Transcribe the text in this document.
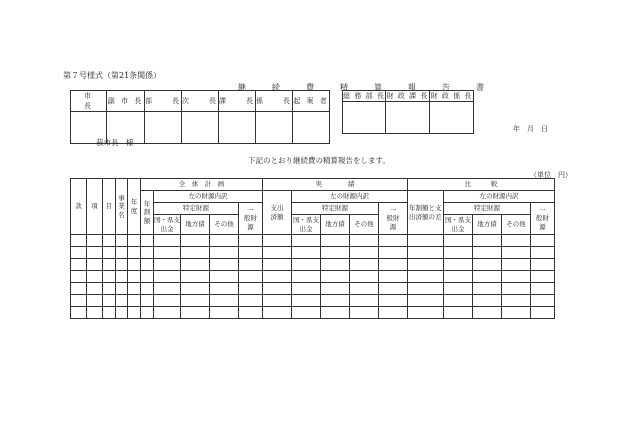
第７号様式（第21条関係）
継　続　費　精　算　報　告　書
市　　長	副 市 長	部　　長	次　　長	課　　長	係　　長	起 案 者

総 務 部 長	財 政 課 長	財 政 係 長

年　月　日
萩市長　様
下記のとおり継続費の精算報告をします。
（単位　円）
款	項	目	事業名	年度	全　体　計　画					実　　　　績					比　　　較				

					年割額	左の財源内訳				支出済額	左の財源内訳				年割額と支出済額の差	左の財源内訳			
						特定財源			一　般財　源		特定財源			一　般財　源		特定財源			一　般財　源

						国・県支出金	地方債	その他			国・県支出金	地方債	その他			国・県支出金	地方債	その他	
